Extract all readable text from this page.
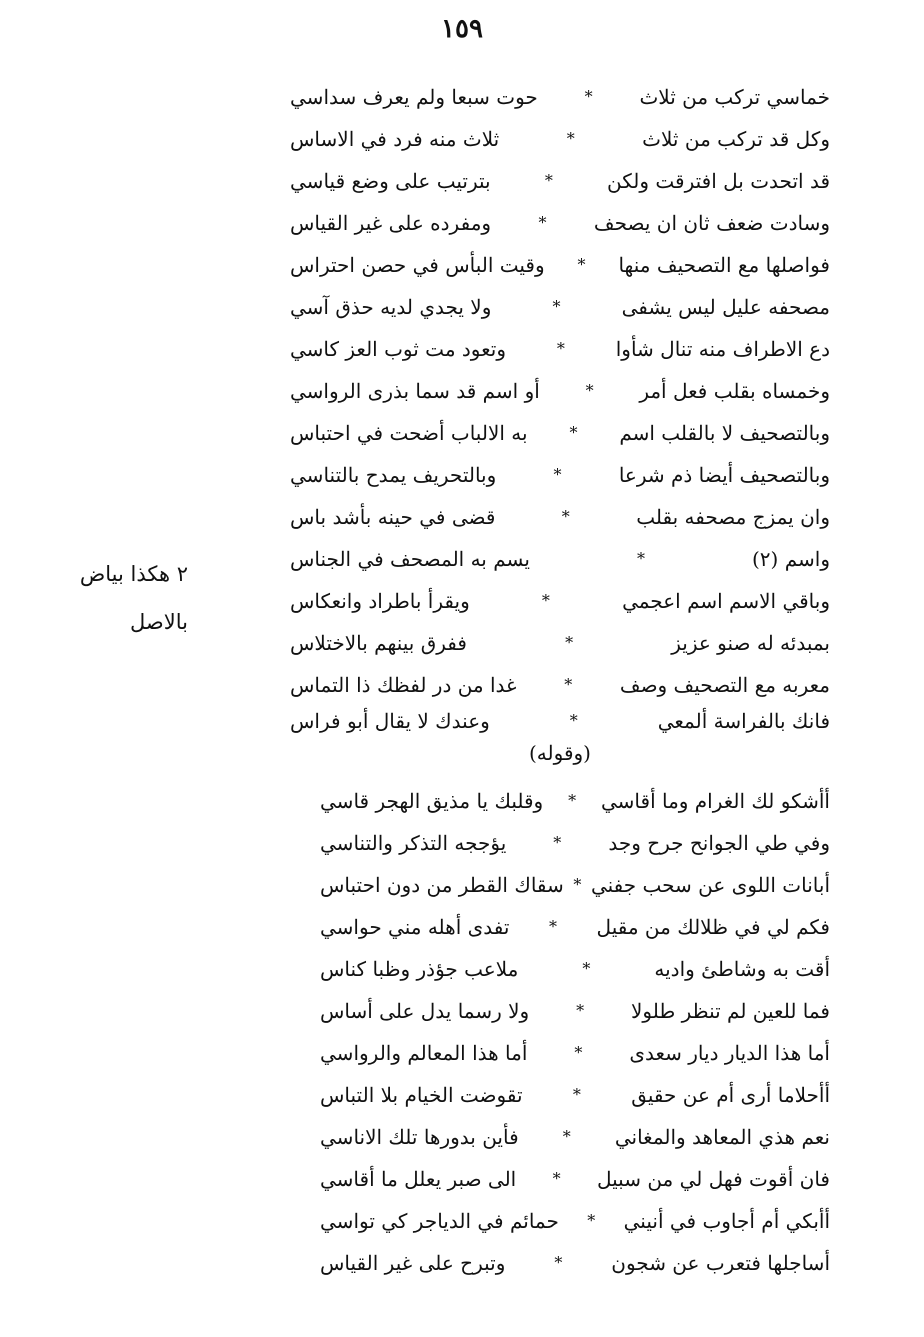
١٥٩
خماسي تركب من ثلاث
*
حوت سبعا ولم يعرف سداسي
وكل قد تركب من ثلاث
*
ثلاث منه فرد في الاساس
قد اتحدت بل افترقت ولكن
*
بترتيب على وضع قياسي
وسادت ضعف ثان ان يصحف
*
ومفرده على غير القياس
فواصلها مع التصحيف منها
*
وقيت البأس في حصن احتراس
مصحفه عليل ليس يشفى
*
ولا يجدي لديه حذق آسي
دع الاطراف منه تنال شأوا
*
وتعود مت ثوب العز كاسي
وخمساه بقلب فعل أمر
*
أو اسم قد سما بذرى الرواسي
وبالتصحيف لا بالقلب اسم
*
به الالباب أضحت في احتباس
وبالتصحيف أيضا ذم شرعا
*
وبالتحريف يمدح بالتناسي
وان يمزج مصحفه بقلب
*
قضى في حينه بأشد باس
واسم (٢)
*
يسم به المصحف في الجناس
وباقي الاسم اسم اعجمي
*
ويقرأ باطراد وانعكاس
بمبدئه له صنو عزيز
*
ففرق بينهم بالاختلاس
معربه مع التصحيف وصف
*
غدا من در لفظك ذا التماس
فانك بالفراسة ألمعي
*
وعندك لا يقال أبو فراس
(وقوله)
أأشكو لك الغرام وما أقاسي
*
وقلبك يا مذيق الهجر قاسي
وفي طي الجوانح جرح وجد
*
يؤججه التذكر والتناسي
أبانات اللوى عن سحب جفني
*
سقاك القطر من دون احتباس
فكم لي في ظلالك من مقيل
*
تفدى أهله مني حواسي
أقت به وشاطئ واديه
*
ملاعب جؤذر وظبا كناس
فما للعين لم تنظر طلولا
*
ولا رسما يدل على أساس
أما هذا الديار ديار سعدى
*
أما هذا المعالم والرواسي
أأحلاما أرى أم عن حقيق
*
تقوضت الخيام بلا التباس
نعم هذي المعاهد والمغاني
*
فأين بدورها تلك الاناسي
فان أقوت فهل لي من سبيل
*
الى صبر يعلل ما أقاسي
أأبكي أم أجاوب في أنيني
*
حمائم في الدياجر كي تواسي
أساجلها فتعرب عن شجون
*
وتبرح على غير القياس
٢ هكذا بياض
بالاصل
